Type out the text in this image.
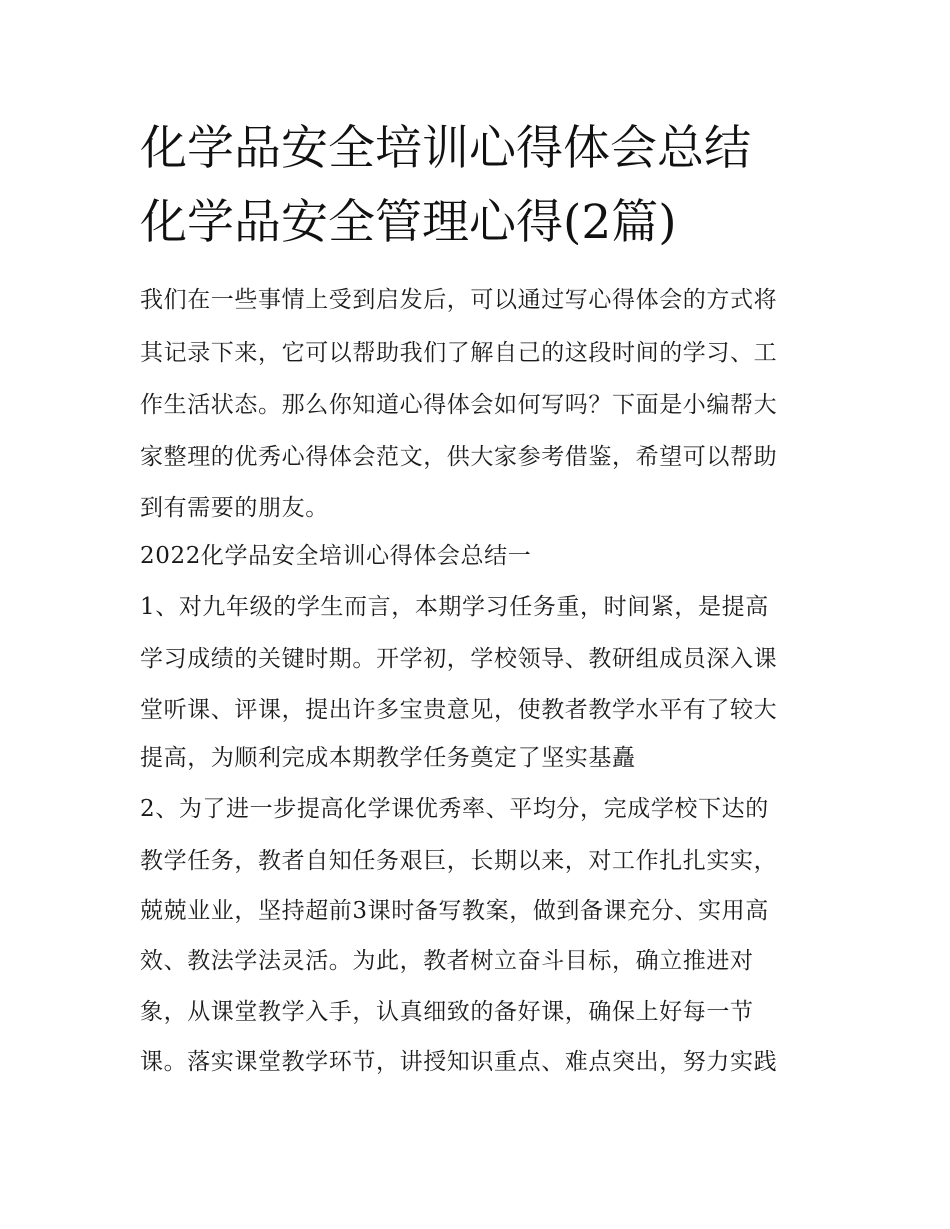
化学品安全培训心得体会总结
化学品安全管理心得(2篇)
我们在一些事情上受到启发后，可以通过写心得体会的方式将
其记录下来，它可以帮助我们了解自己的这段时间的学习、工
作生活状态。那么你知道心得体会如何写吗？下面是小编帮大
家整理的优秀心得体会范文，供大家参考借鉴，希望可以帮助
到有需要的朋友。
2022化学品安全培训心得体会总结一
1、对九年级的学生而言，本期学习任务重，时间紧，是提高
学习成绩的关键时期。开学初，学校领导、教研组成员深入课
堂听课、评课，提出许多宝贵意见，使教者教学水平有了较大
提高，为顺利完成本期教学任务奠定了坚实基矗
2、为了进一步提高化学课优秀率、平均分，完成学校下达的
教学任务，教者自知任务艰巨，长期以来，对工作扎扎实实，
兢兢业业，坚持超前3课时备写教案，做到备课充分、实用高
效、教法学法灵活。为此，教者树立奋斗目标，确立推进对
象，从课堂教学入手，认真细致的备好课，确保上好每一节
课。落实课堂教学环节，讲授知识重点、难点突出，努力实践
